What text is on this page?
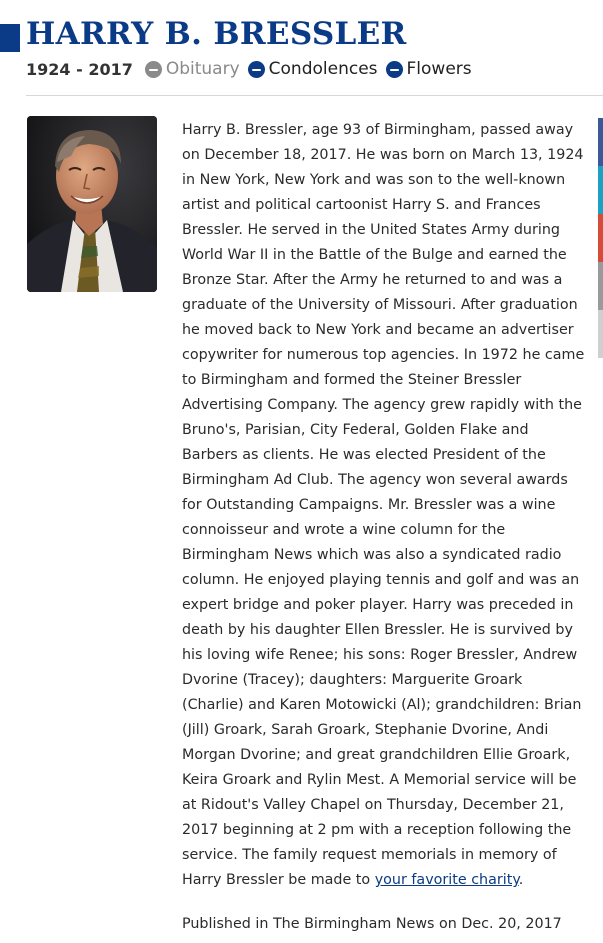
HARRY B. BRESSLER
1924 - 2017 Obituary Condolences Flowers

Harry B. Bressler, age 93 of Birmingham, passed away on December 18, 2017. He was born on March 13, 1924 in New York, New York and was son to the well-known artist and political cartoonist Harry S. and Frances Bressler. He served in the United States Army during World War II in the Battle of the Bulge and earned the Bronze Star. After the Army he returned to and was a graduate of the University of Missouri. After graduation he moved back to New York and became an advertiser copywriter for numerous top agencies. In 1972 he came to Birmingham and formed the Steiner Bressler Advertising Company. The agency grew rapidly with the Bruno's, Parisian, City Federal, Golden Flake and Barbers as clients. He was elected President of the Birmingham Ad Club. The agency won several awards for Outstanding Campaigns. Mr. Bressler was a wine connoisseur and wrote a wine column for the Birmingham News which was also a syndicated radio column. He enjoyed playing tennis and golf and was an expert bridge and poker player. Harry was preceded in death by his daughter Ellen Bressler. He is survived by his loving wife Renee; his sons: Roger Bressler, Andrew Dvorine (Tracey); daughters: Marguerite Groark (Charlie) and Karen Motowicki (Al); grandchildren: Brian (Jill) Groark, Sarah Groark, Stephanie Dvorine, Andi Morgan Dvorine; and great grandchildren Ellie Groark, Keira Groark and Rylin Mest. A Memorial service will be at Ridout's Valley Chapel on Thursday, December 21, 2017 beginning at 2 pm with a reception following the service. The family request memorials in memory of Harry Bressler be made to your favorite charity.

Published in The Birmingham News on Dec. 20, 2017
